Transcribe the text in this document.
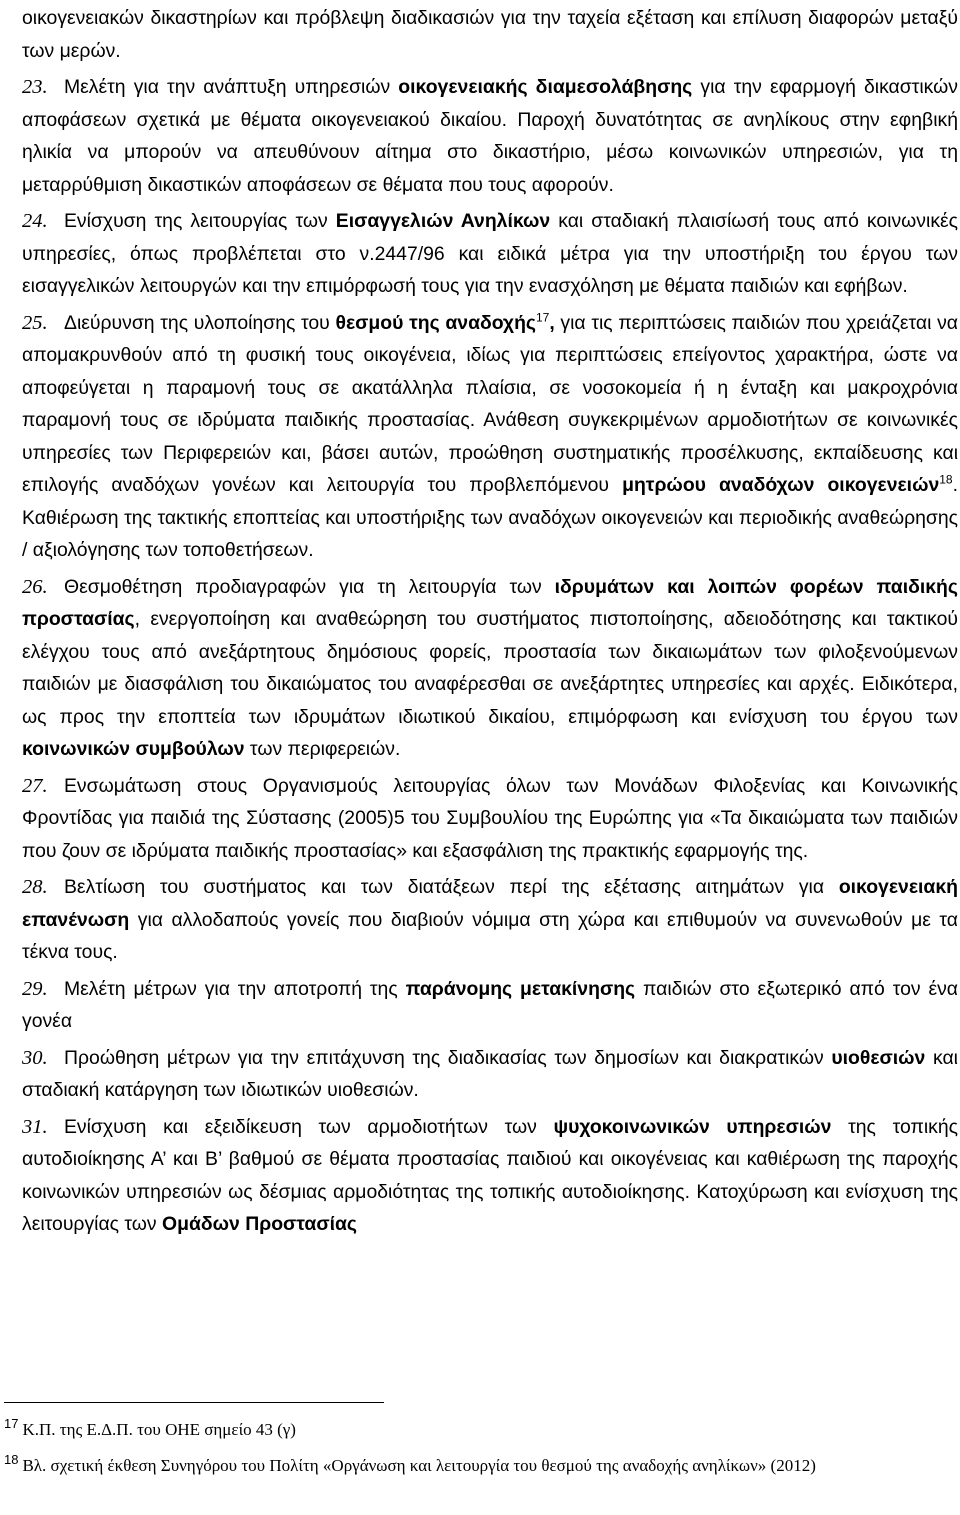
οικογενειακών δικαστηρίων και πρόβλεψη διαδικασιών για την ταχεία εξέταση και επίλυση διαφορών μεταξύ των μερών.

23. Μελέτη για την ανάπτυξη υπηρεσιών οικογενειακής διαμεσολάβησης για την εφαρμογή δικαστικών αποφάσεων σχετικά με θέματα οικογενειακού δικαίου. Παροχή δυνατότητας σε ανηλίκους στην εφηβική ηλικία να μπορούν να απευθύνουν αίτημα στο δικαστήριο, μέσω κοινωνικών υπηρεσιών, για τη μεταρρύθμιση δικαστικών αποφάσεων σε θέματα που τους αφορούν.

24. Ενίσχυση της λειτουργίας των Εισαγγελιών Ανηλίκων και σταδιακή πλαισίωσή τους από κοινωνικές υπηρεσίες, όπως προβλέπεται στο ν.2447/96 και ειδικά μέτρα για την υποστήριξη του έργου των εισαγγελικών λειτουργών και την επιμόρφωσή τους για την ενασχόληση με θέματα παιδιών και εφήβων.

25. Διεύρυνση της υλοποίησης του θεσμού της αναδοχής$^{17}$, για τις περιπτώσεις παιδιών που χρειάζεται να απομακρυνθούν από τη φυσική τους οικογένεια, ιδίως για περιπτώσεις επείγοντος χαρακτήρα, ώστε να αποφεύγεται η παραμονή τους σε ακατάλληλα πλαίσια, σε νοσοκομεία ή η ένταξη και μακροχρόνια παραμονή τους σε ιδρύματα παιδικής προστασίας. Ανάθεση συγκεκριμένων αρμοδιοτήτων σε κοινωνικές υπηρεσίες των Περιφερειών και, βάσει αυτών, προώθηση συστηματικής προσέλκυσης, εκπαίδευσης και επιλογής αναδόχων γονέων και λειτουργία του προβλεπόμενου μητρώου αναδόχων οικογενειών$^{18}$. Καθιέρωση της τακτικής εποπτείας και υποστήριξης των αναδόχων οικογενειών και περιοδικής αναθεώρησης / αξιολόγησης των τοποθετήσεων.

26. Θεσμοθέτηση προδιαγραφών για τη λειτουργία των ιδρυμάτων και λοιπών φορέων παιδικής προστασίας, ενεργοποίηση και αναθεώρηση του συστήματος πιστοποίησης, αδειοδότησης και τακτικού ελέγχου τους από ανεξάρτητους δημόσιους φορείς, προστασία των δικαιωμάτων των φιλοξενούμενων παιδιών με διασφάλιση του δικαιώματος του αναφέρεσθαι σε ανεξάρτητες υπηρεσίες και αρχές. Ειδικότερα, ως προς την εποπτεία των ιδρυμάτων ιδιωτικού δικαίου, επιμόρφωση και ενίσχυση του έργου των κοινωνικών συμβούλων των περιφερειών.

27. Ενσωμάτωση στους Οργανισμούς λειτουργίας όλων των Μονάδων Φιλοξενίας και Κοινωνικής Φροντίδας για παιδιά της Σύστασης (2005)5 του Συμβουλίου της Ευρώπης για «Τα δικαιώματα των παιδιών που ζουν σε ιδρύματα παιδικής προστασίας» και εξασφάλιση της πρακτικής εφαρμογής της.

28. Βελτίωση του συστήματος και των διατάξεων περί της εξέτασης αιτημάτων για οικογενειακή επανένωση για αλλοδαπούς γονείς που διαβιούν νόμιμα στη χώρα και επιθυμούν να συνενωθούν με τα τέκνα τους.

29. Μελέτη μέτρων για την αποτροπή της παράνομης μετακίνησης παιδιών στο εξωτερικό από τον ένα γονέα

30. Προώθηση μέτρων για την επιτάχυνση της διαδικασίας των δημοσίων και διακρατικών υιοθεσιών και σταδιακή κατάργηση των ιδιωτικών υιοθεσιών.

31. Ενίσχυση και εξειδίκευση των αρμοδιοτήτων των ψυχοκοινωνικών υπηρεσιών της τοπικής αυτοδιοίκησης Α’ και Β’ βαθμού σε θέματα προστασίας παιδιού και οικογένειας και καθιέρωση της παροχής κοινωνικών υπηρεσιών ως δέσμιας αρμοδιότητας της τοπικής αυτοδιοίκησης. Κατοχύρωση και ενίσχυση της λειτουργίας των Ομάδων Προστασίας

$^{17}$ Κ.Π. της Ε.Δ.Π. του ΟΗΕ σημείο 43 (γ)
$^{18}$ Βλ. σχετική έκθεση Συνηγόρου του Πολίτη «Οργάνωση και λειτουργία του θεσμού της αναδοχής ανηλίκων» (2012)
